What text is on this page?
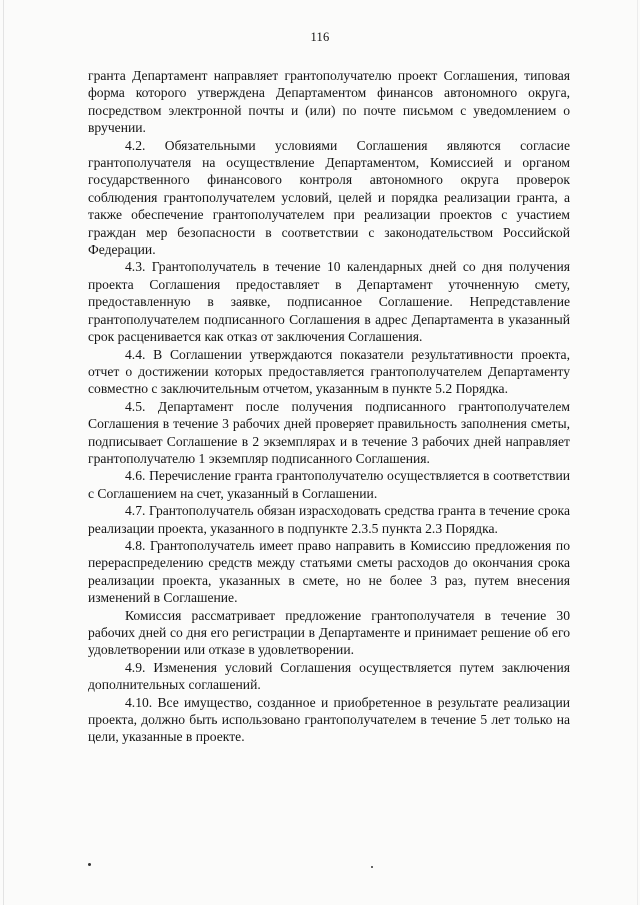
116

гранта Департамент направляет грантополучателю проект Соглашения, типовая форма которого утверждена Департаментом финансов автономного округа, посредством электронной почты и (или) по почте письмом с уведомлением о вручении.

4.2. Обязательными условиями Соглашения являются согласие грантополучателя на осуществление Департаментом, Комиссией и органом государственного финансового контроля автономного округа проверок соблюдения грантополучателем условий, целей и порядка реализации гранта, а также обеспечение грантополучателем при реализации проектов с участием граждан мер безопасности в соответствии с законодательством Российской Федерации.

4.3. Грантополучатель в течение 10 календарных дней со дня получения проекта Соглашения предоставляет в Департамент уточненную смету, предоставленную в заявке, подписанное Соглашение. Непредставление грантополучателем подписанного Соглашения в адрес Департамента в указанный срок расценивается как отказ от заключения Соглашения.

4.4. В Соглашении утверждаются показатели результативности проекта, отчет о достижении которых предоставляется грантополучателем Департаменту совместно с заключительным отчетом, указанным в пункте 5.2 Порядка.

4.5. Департамент после получения подписанного грантополучателем Соглашения в течение 3 рабочих дней проверяет правильность заполнения сметы, подписывает Соглашение в 2 экземплярах и в течение 3 рабочих дней направляет грантополучателю 1 экземпляр подписанного Соглашения.

4.6. Перечисление гранта грантополучателю осуществляется в соответствии с Соглашением на счет, указанный в Соглашении.

4.7. Грантополучатель обязан израсходовать средства гранта в течение срока реализации проекта, указанного в подпункте 2.3.5 пункта 2.3 Порядка.

4.8. Грантополучатель имеет право направить в Комиссию предложения по перераспределению средств между статьями сметы расходов до окончания срока реализации проекта, указанных в смете, но не более 3 раз, путем внесения изменений в Соглашение.

Комиссия рассматривает предложение грантополучателя в течение 30 рабочих дней со дня его регистрации в Департаменте и принимает решение об его удовлетворении или отказе в удовлетворении.

4.9. Изменения условий Соглашения осуществляется путем заключения дополнительных соглашений.

4.10. Все имущество, созданное и приобретенное в результате реализации проекта, должно быть использовано грантополучателем в течение 5 лет только на цели, указанные в проекте.
